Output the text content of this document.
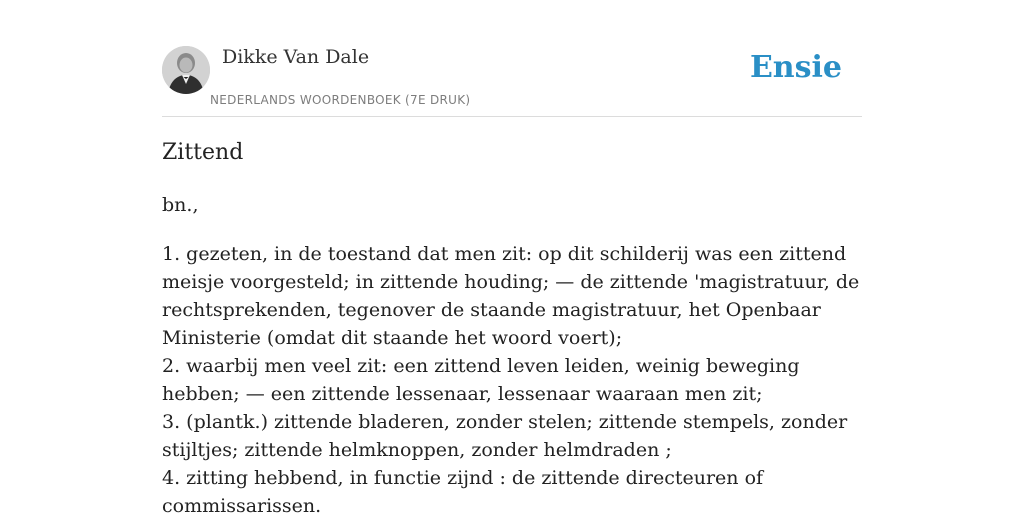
Dikke Van Dale
NEDERLANDS WOORDENBOEK (7E DRUK)
Ensie
Zittend
bn.,
1. gezeten, in de toestand dat men zit: op dit schilderij was een zittend meisje voorgesteld; in zittende houding; — de zittende 'magistratuur, de rechtsprekenden, tegenover de staande magistratuur, het Openbaar Ministerie (omdat dit staande het woord voert);
2. waarbij men veel zit: een zittend leven leiden, weinig beweging hebben; — een zittende lessenaar, lessenaar waaraan men zit;
3. (plantk.) zittende bladeren, zonder stelen; zittende stempels, zonder stijltjes; zittende helmknoppen, zonder helmdraden ;
4. zitting hebbend, in functie zijnd : de zittende directeuren of commissarissen.
